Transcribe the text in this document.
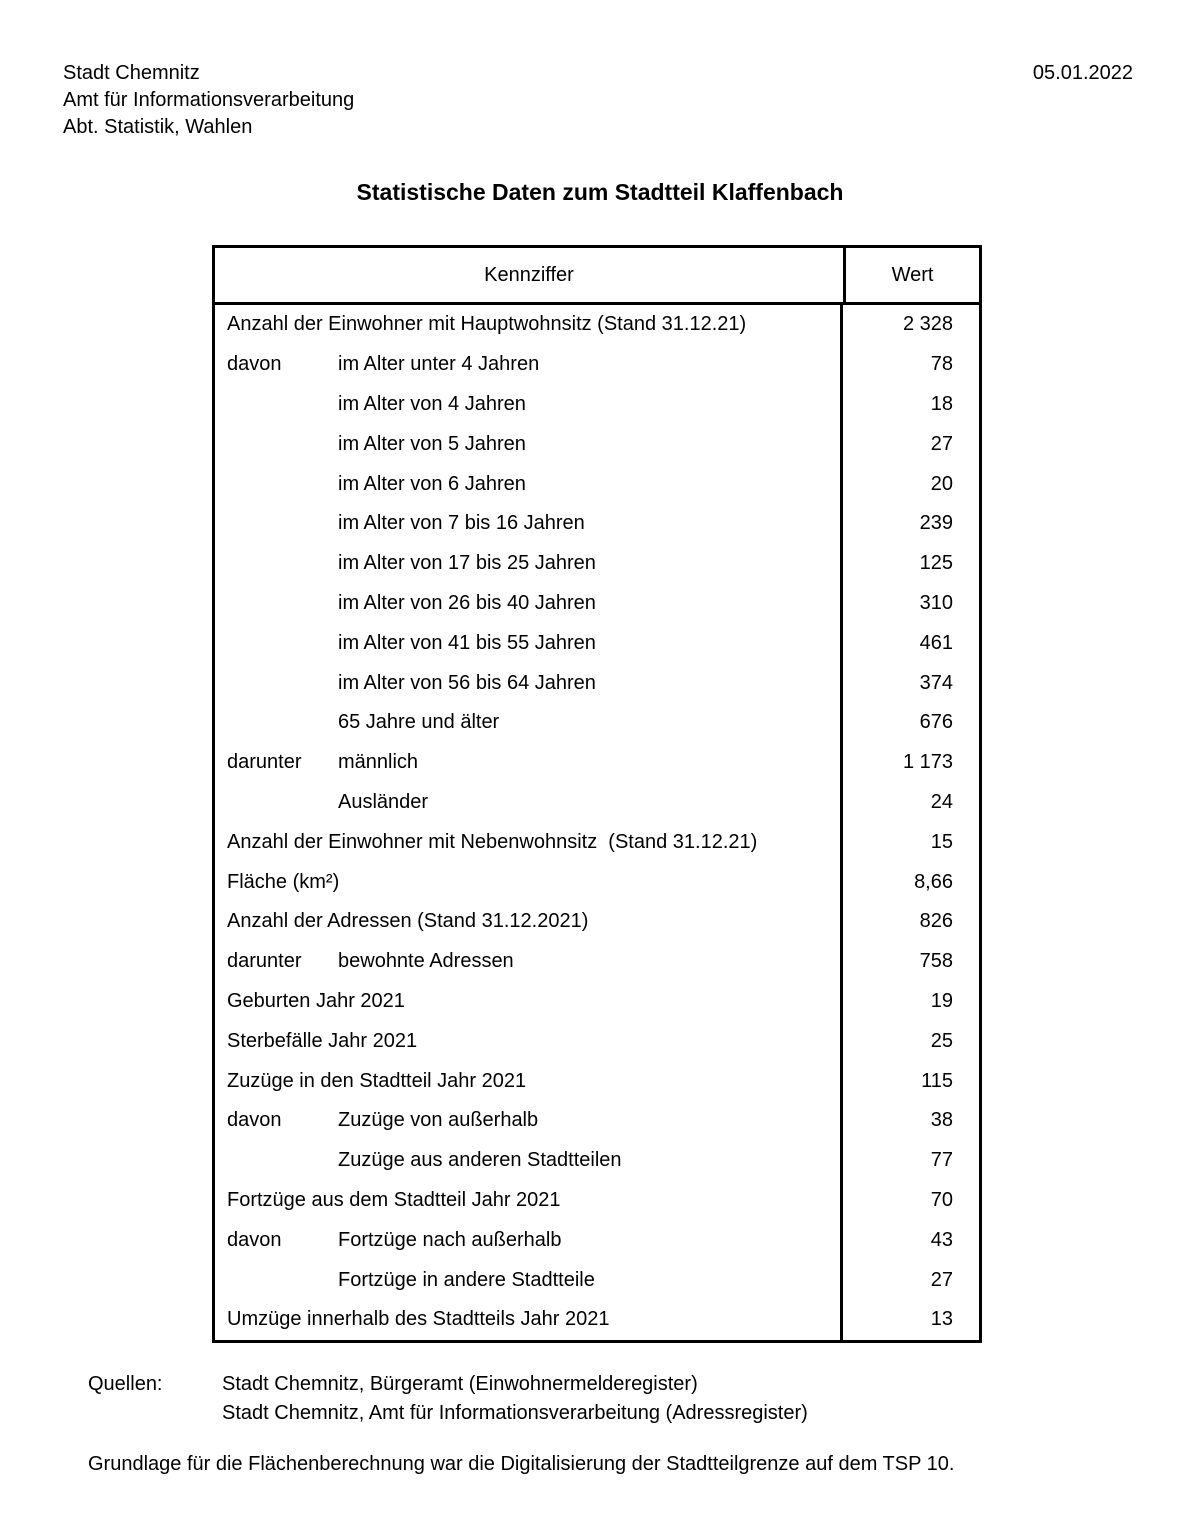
Stadt Chemnitz
Amt für Informationsverarbeitung
Abt. Statistik, Wahlen
05.01.2022
Statistische Daten zum Stadtteil Klaffenbach
Kennziffer	Wert
Anzahl der Einwohner mit Hauptwohnsitz (Stand 31.12.21)	2 328
davon	im Alter unter 4 Jahren	78
im Alter von 4 Jahren	18
im Alter von 5 Jahren	27
im Alter von 6 Jahren	20
im Alter von 7 bis 16 Jahren	239
im Alter von 17 bis 25 Jahren	125
im Alter von 26 bis 40 Jahren	310
im Alter von 41 bis 55 Jahren	461
im Alter von 56 bis 64 Jahren	374
65 Jahre und älter	676
darunter	männlich	1 173
Ausländer	24
Anzahl der Einwohner mit Nebenwohnsitz  (Stand 31.12.21)	15
Fläche (km²)	8,66
Anzahl der Adressen (Stand 31.12.2021)	826
darunter	bewohnte Adressen	758
Geburten Jahr 2021	19
Sterbefälle Jahr 2021	25
Zuzüge in den Stadtteil Jahr 2021	115
davon	Zuzüge von außerhalb	38
Zuzüge aus anderen Stadtteilen	77
Fortzüge aus dem Stadtteil Jahr 2021	70
davon	Fortzüge nach außerhalb	43
Fortzüge in andere Stadtteile	27
Umzüge innerhalb des Stadtteils Jahr 2021	13
Quellen:	Stadt Chemnitz, Bürgeramt (Einwohnermelderegister)
Stadt Chemnitz, Amt für Informationsverarbeitung (Adressregister)

Grundlage für die Flächenberechnung war die Digitalisierung der Stadtteilgrenze auf dem TSP 10.
